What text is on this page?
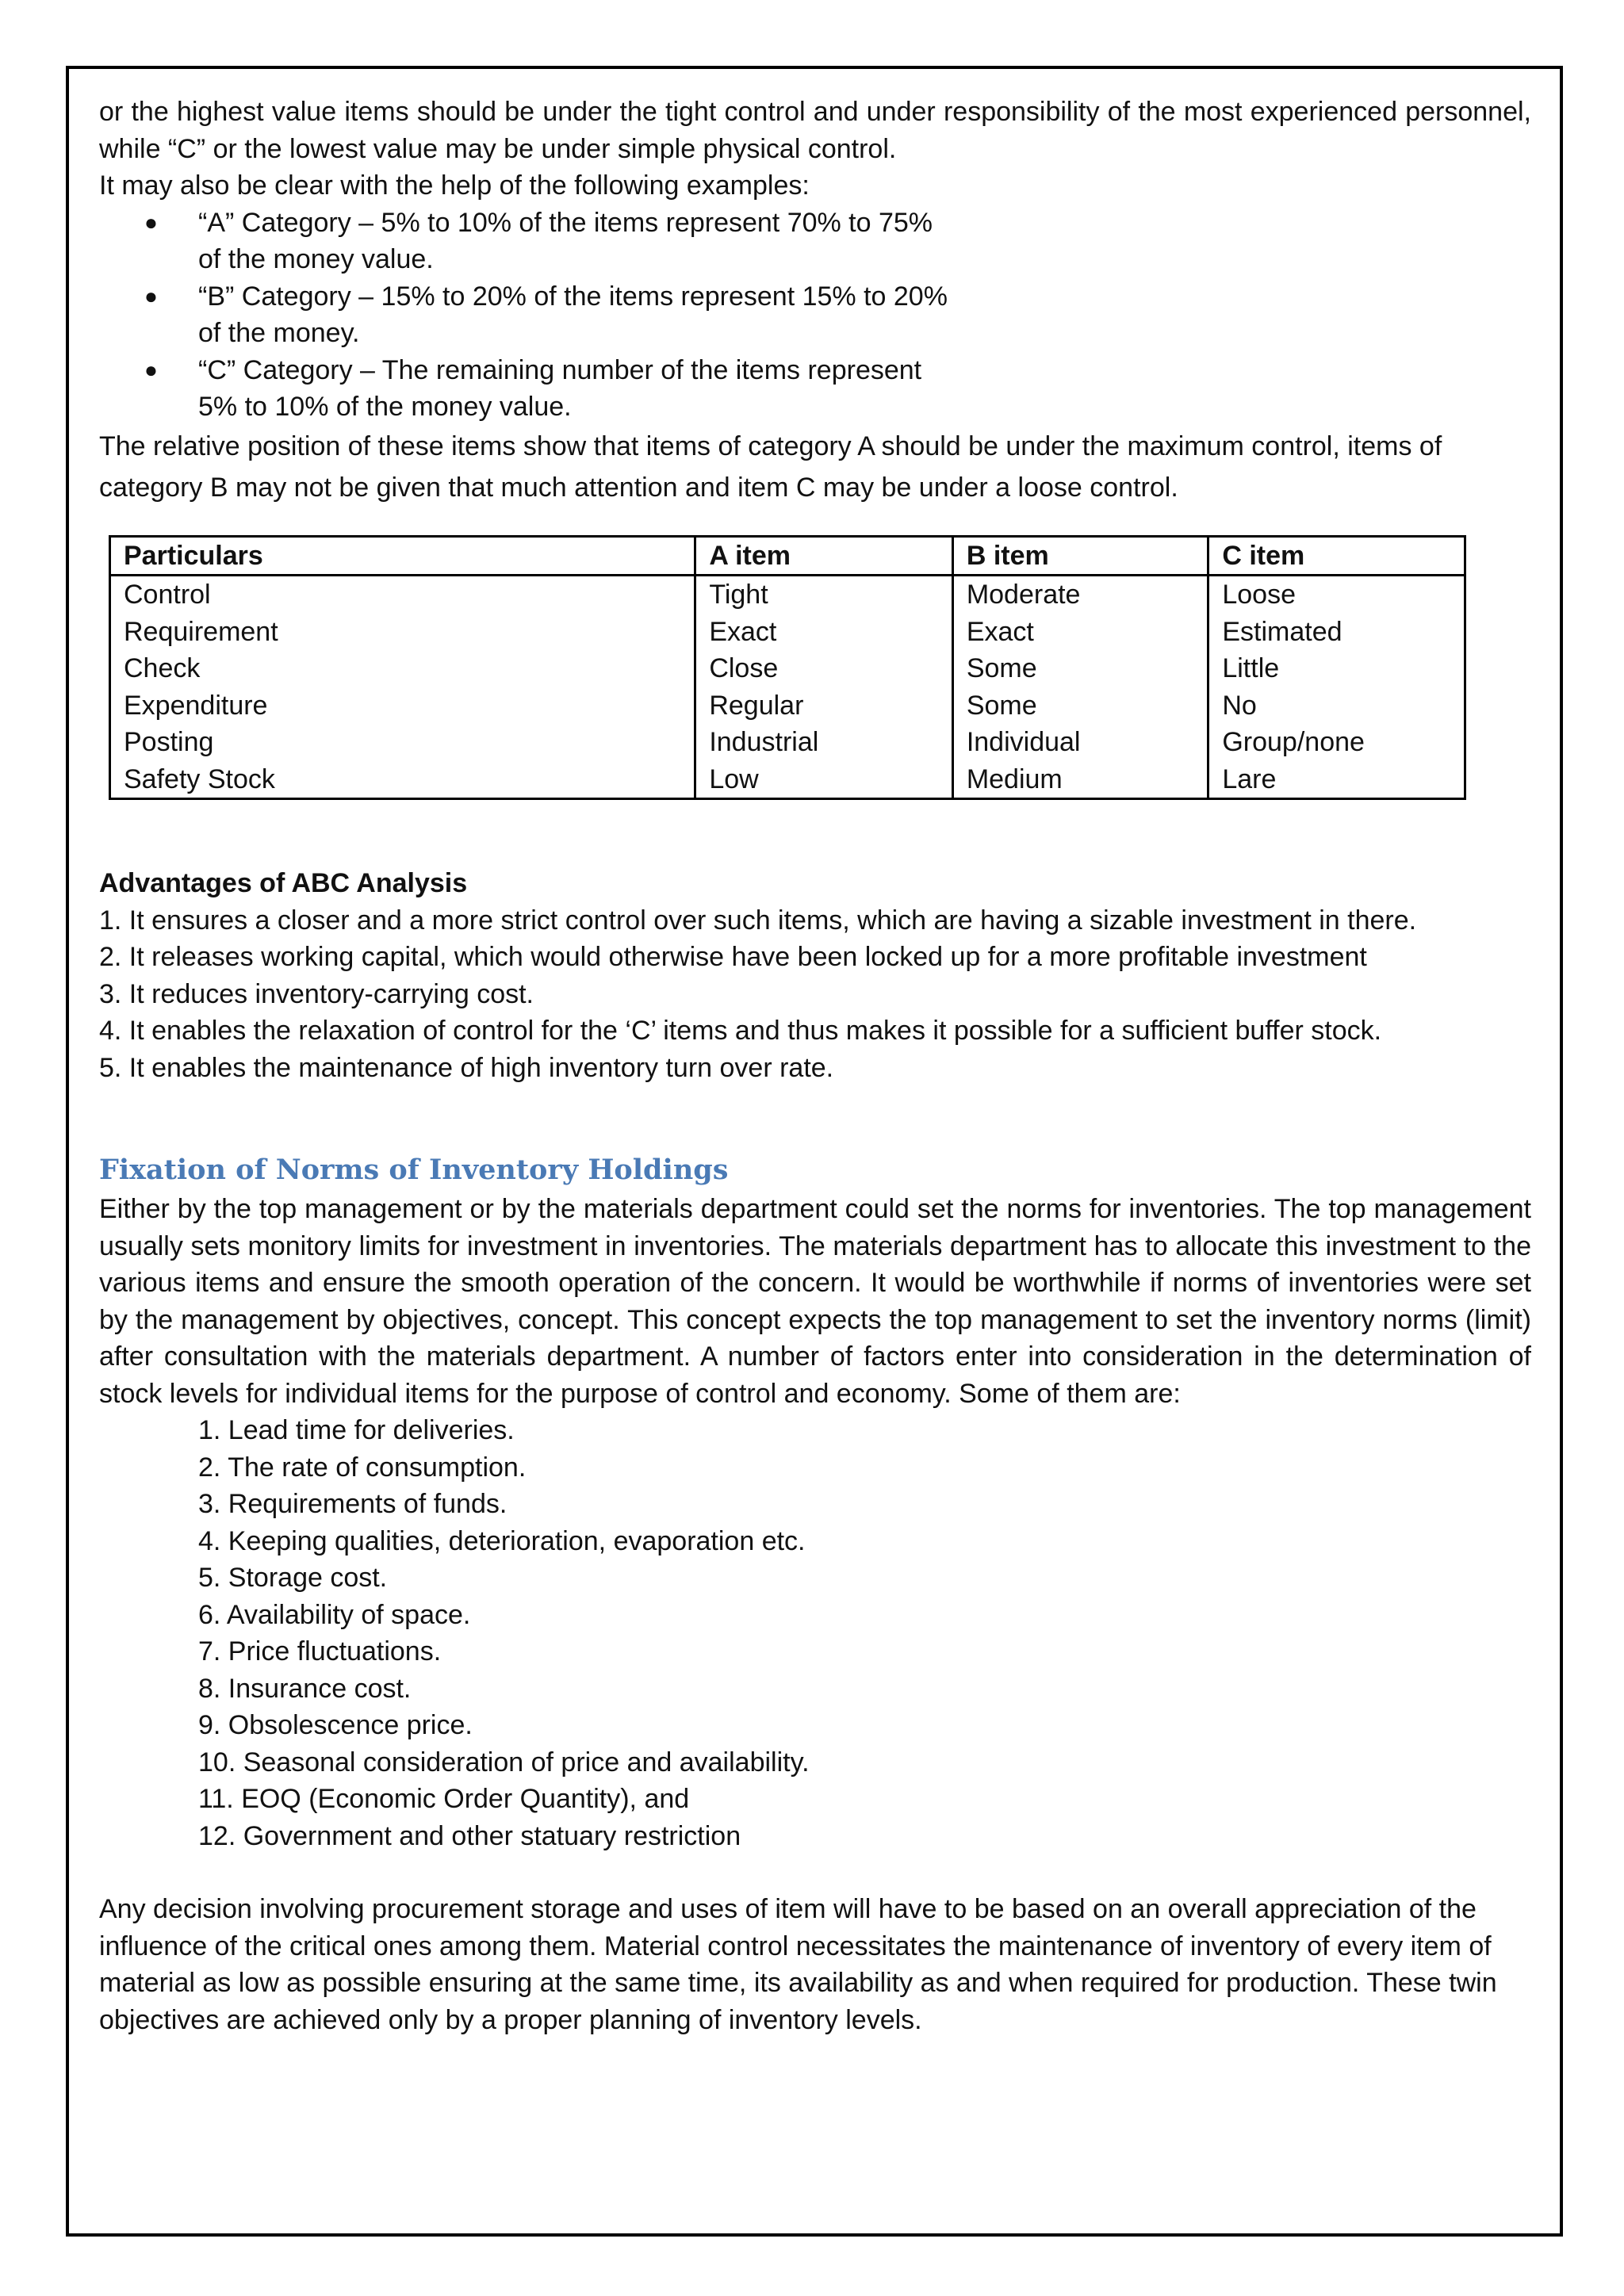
or the highest value items should be under the tight control and under responsibility of the most experienced personnel, while “C” or the lowest value may be under simple physical control.

It may also be clear with the help of the following examples:

● “A” Category – 5% to 10% of the items represent 70% to 75%
of the money value.
● “B” Category – 15% to 20% of the items represent 15% to 20%
of the money.
● “C” Category – The remaining number of the items represent
5% to 10% of the money value.

The relative position of these items show that items of category A should be under the maximum control, items of category B may not be given that much attention and item C may be under a loose control.

Particulars	A item	B item	C item
Control	Tight	Moderate	Loose
Requirement	Exact	Exact	Estimated
Check	Close	Some	Little
Expenditure	Regular	Some	No
Posting	Industrial	Individual	Group/none
Safety Stock	Low	Medium	Lare

Advantages of ABC Analysis

1. It ensures a closer and a more strict control over such items, which are having a sizable investment in there.

2. It releases working capital, which would otherwise have been locked up for a more profitable investment

3. It reduces inventory-carrying cost.

4. It enables the relaxation of control for the ‘C’ items and thus makes it possible for a sufficient buffer stock.

5. It enables the maintenance of high inventory turn over rate.

Fixation of Norms of Inventory Holdings

Either by the top management or by the materials department could set the norms for inventories. The top management usually sets monitory limits for investment in inventories. The materials department has to allocate this investment to the various items and ensure the smooth operation of the concern. It would be worthwhile if norms of inventories were set by the management by objectives, concept. This concept expects the top management to set the inventory norms (limit) after consultation with the materials department. A number of factors enter into consideration in the determination of stock levels for individual items for the purpose of control and economy. Some of them are:

1. Lead time for deliveries.

2. The rate of consumption.

3. Requirements of funds.

4. Keeping qualities, deterioration, evaporation etc.

5. Storage cost.

6. Availability of space.

7. Price fluctuations.

8. Insurance cost.

9. Obsolescence price.

10. Seasonal consideration of price and availability.

11. EOQ (Economic Order Quantity), and

12. Government and other statuary restriction

Any decision involving procurement storage and uses of item will have to be based on an overall appreciation of the influence of the critical ones among them. Material control necessitates the maintenance of inventory of every item of material as low as possible ensuring at the same time, its availability as and when required for production. These twin objectives are achieved only by a proper planning of inventory levels.
